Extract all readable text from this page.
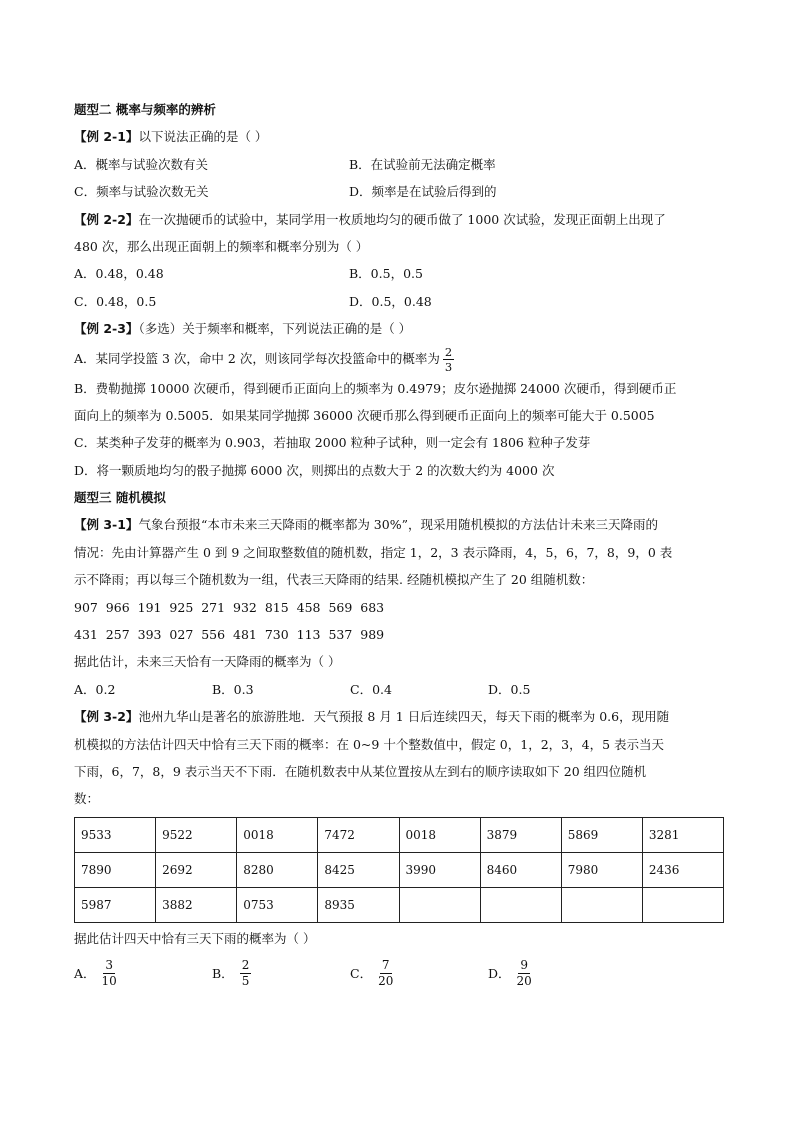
题型二 概率与频率的辨析
【例 2-1】以下说法正确的是（ ）
A．概率与试验次数有关	B．在试验前无法确定概率
C．频率与试验次数无关	D．频率是在试验后得到的
【例 2-2】在一次抛硬币的试验中，某同学用一枚质地均匀的硬币做了 1000 次试验，发现正面朝上出现了
480 次，那么出现正面朝上的频率和概率分别为（ ）
A．0.48，0.48	B．0.5，0.5
C．0.48，0.5	D．0.5，0.48
【例 2-3】（多选）关于频率和概率，下列说法正确的是（ ）
A．某同学投篮 3 次，命中 2 次，则该同学每次投篮命中的概率为 $\frac{2}{3}$
B．费勒抛掷 10000 次硬币，得到硬币正面向上的频率为 0.4979；皮尔逊抛掷 24000 次硬币，得到硬币正
面向上的频率为 0.5005．如果某同学抛掷 36000 次硬币那么得到硬币正面向上的频率可能大于 0.5005
C．某类种子发芽的概率为 0.903，若抽取 2000 粒种子试种，则一定会有 1806 粒种子发芽
D．将一颗质地均匀的骰子抛掷 6000 次，则掷出的点数大于 2 的次数大约为 4000 次
题型三 随机模拟
【例 3-1】气象台预报“本市未来三天降雨的概率都为 30%”，现采用随机模拟的方法估计未来三天降雨的
情况：先由计算器产生 0 到 9 之间取整数值的随机数，指定 1，2，3 表示降雨，4，5，6，7，8，9，0 表
示不降雨；再以每三个随机数为一组，代表三天降雨的结果. 经随机模拟产生了 20 组随机数：
907  966  191  925  271  932  815  458  569  683
431  257  393  027  556  481  730  113  537  989
据此估计，未来三天恰有一天降雨的概率为（ ）
A．0.2	B．0.3	C．0.4	D．0.5
【例 3-2】池州九华山是著名的旅游胜地．天气预报 8 月 1 日后连续四天，每天下雨的概率为 0.6，现用随
机模拟的方法估计四天中恰有三天下雨的概率：在 0~9 十个整数值中，假定 0，1，2，3，4，5 表示当天
下雨，6，7，8，9 表示当天不下雨．在随机数表中从某位置按从左到右的顺序读取如下 20 组四位随机
数：
9533	9522	0018	7472	0018	3879	5869	3281
7890	2692	8280	8425	3990	8460	7980	2436
5987	3882	0753	8935				
据此估计四天中恰有三天下雨的概率为（ ）
A． $\frac{3}{10}$	B． $\frac{2}{5}$	C． $\frac{7}{20}$	D． $\frac{9}{20}$
